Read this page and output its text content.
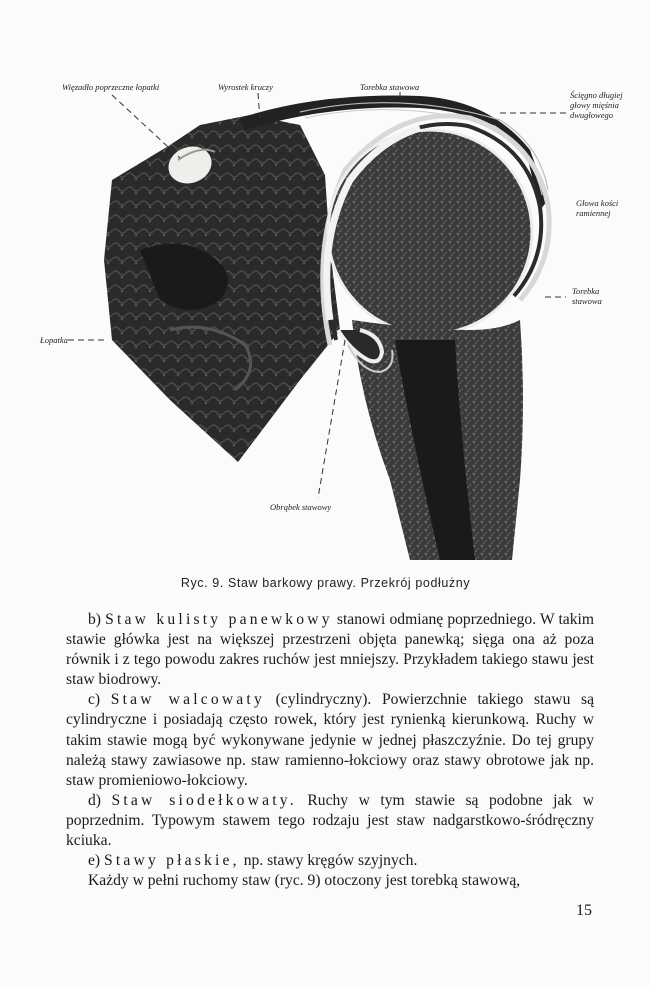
Więzadło poprzeczne łopatki	Wyrostek kruczy	Torebka stawowa
Ścięgno długiej głowy mięśnia dwugłowego
Głowa kości ramiennej
Torebka stawowa
Łopatka
Obrąbek stawowy
Ryc. 9. Staw barkowy prawy. Przekrój podłużny

b) Staw kulisty panewkowy stanowi odmianę poprzedniego. W takim stawie główka jest na większej przestrzeni objęta panewką; sięga ona aż poza równik i z tego powodu zakres ruchów jest mniejszy. Przykładem takiego stawu jest staw biodrowy.

c) Staw walcowaty (cylindryczny). Powierzchnie takiego stawu są cylindryczne i posiadają często rowek, który jest rynienką kierunkową. Ruchy w takim stawie mogą być wykonywane jedynie w jednej płaszczyźnie. Do tej grupy należą stawy zawiasowe np. staw ramienno-łokciowy oraz stawy obrotowe jak np. staw promieniowo-łokciowy.

d) Staw siodełkowaty. Ruchy w tym stawie są podobne jak w poprzednim. Typowym stawem tego rodzaju jest staw nadgarstkowo-śródręczny kciuka.

e) Stawy płaskie, np. stawy kręgów szyjnych.

Każdy w pełni ruchomy staw (ryc. 9) otoczony jest torebką stawową,

15
